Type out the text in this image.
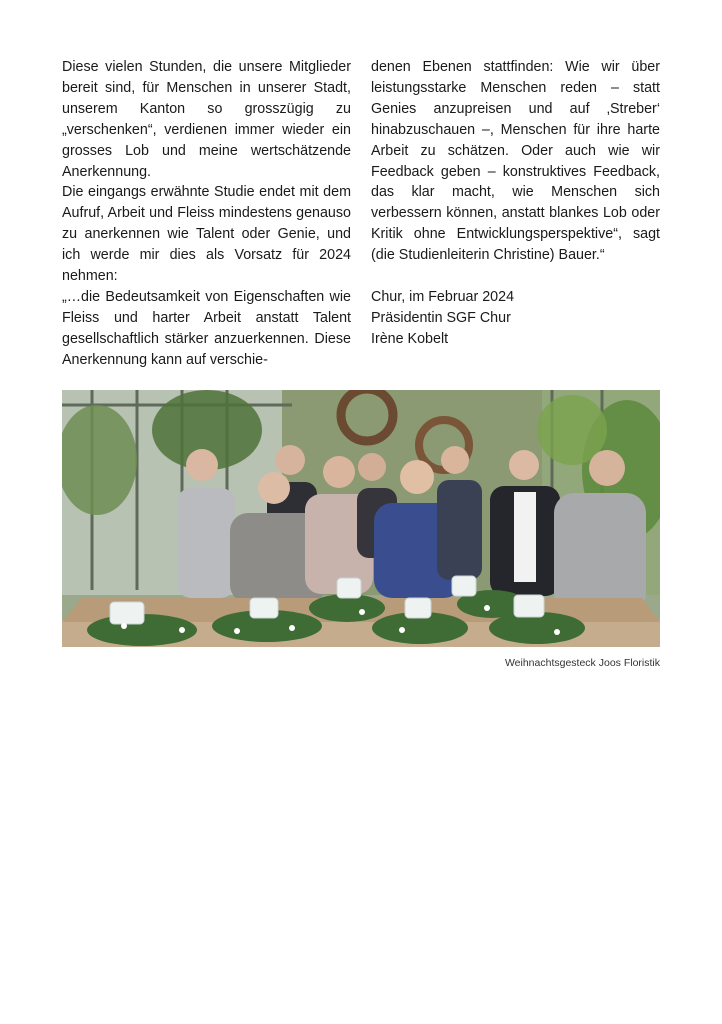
Diese vielen Stunden, die unsere Mitglieder bereit sind, für Menschen in unserer Stadt, unserem Kanton so grosszügig zu „verschenken“, verdienen immer wieder ein grosses Lob und meine wertschätzende Anerkennung.

Die eingangs erwähnte Studie endet mit dem Aufruf, Arbeit und Fleiss mindestens genauso zu anerkennen wie Talent oder Genie, und ich werde mir dies als Vorsatz für 2024 nehmen:

„…die Bedeutsamkeit von Eigenschaften wie Fleiss und harter Arbeit anstatt Talent gesellschaftlich stärker anzuerkennen. Diese Anerkennung kann auf verschie-

denen Ebenen stattfinden: Wie wir über leistungsstarke Menschen reden – statt Genies anzupreisen und auf ‚Streber‘ hinabzuschauen –, Menschen für ihre harte Arbeit zu schätzen. Oder auch wie wir Feedback geben – konstruktives Feedback, das klar macht, wie Menschen sich verbessern können, anstatt blankes Lob oder Kritik ohne Entwicklungsperspektive“, sagt (die Studienleiterin Christine) Bauer.“

Chur, im Februar 2024

Präsidentin SGF Chur

Irène Kobelt

Weihnachtsgesteck Joos Floristik
